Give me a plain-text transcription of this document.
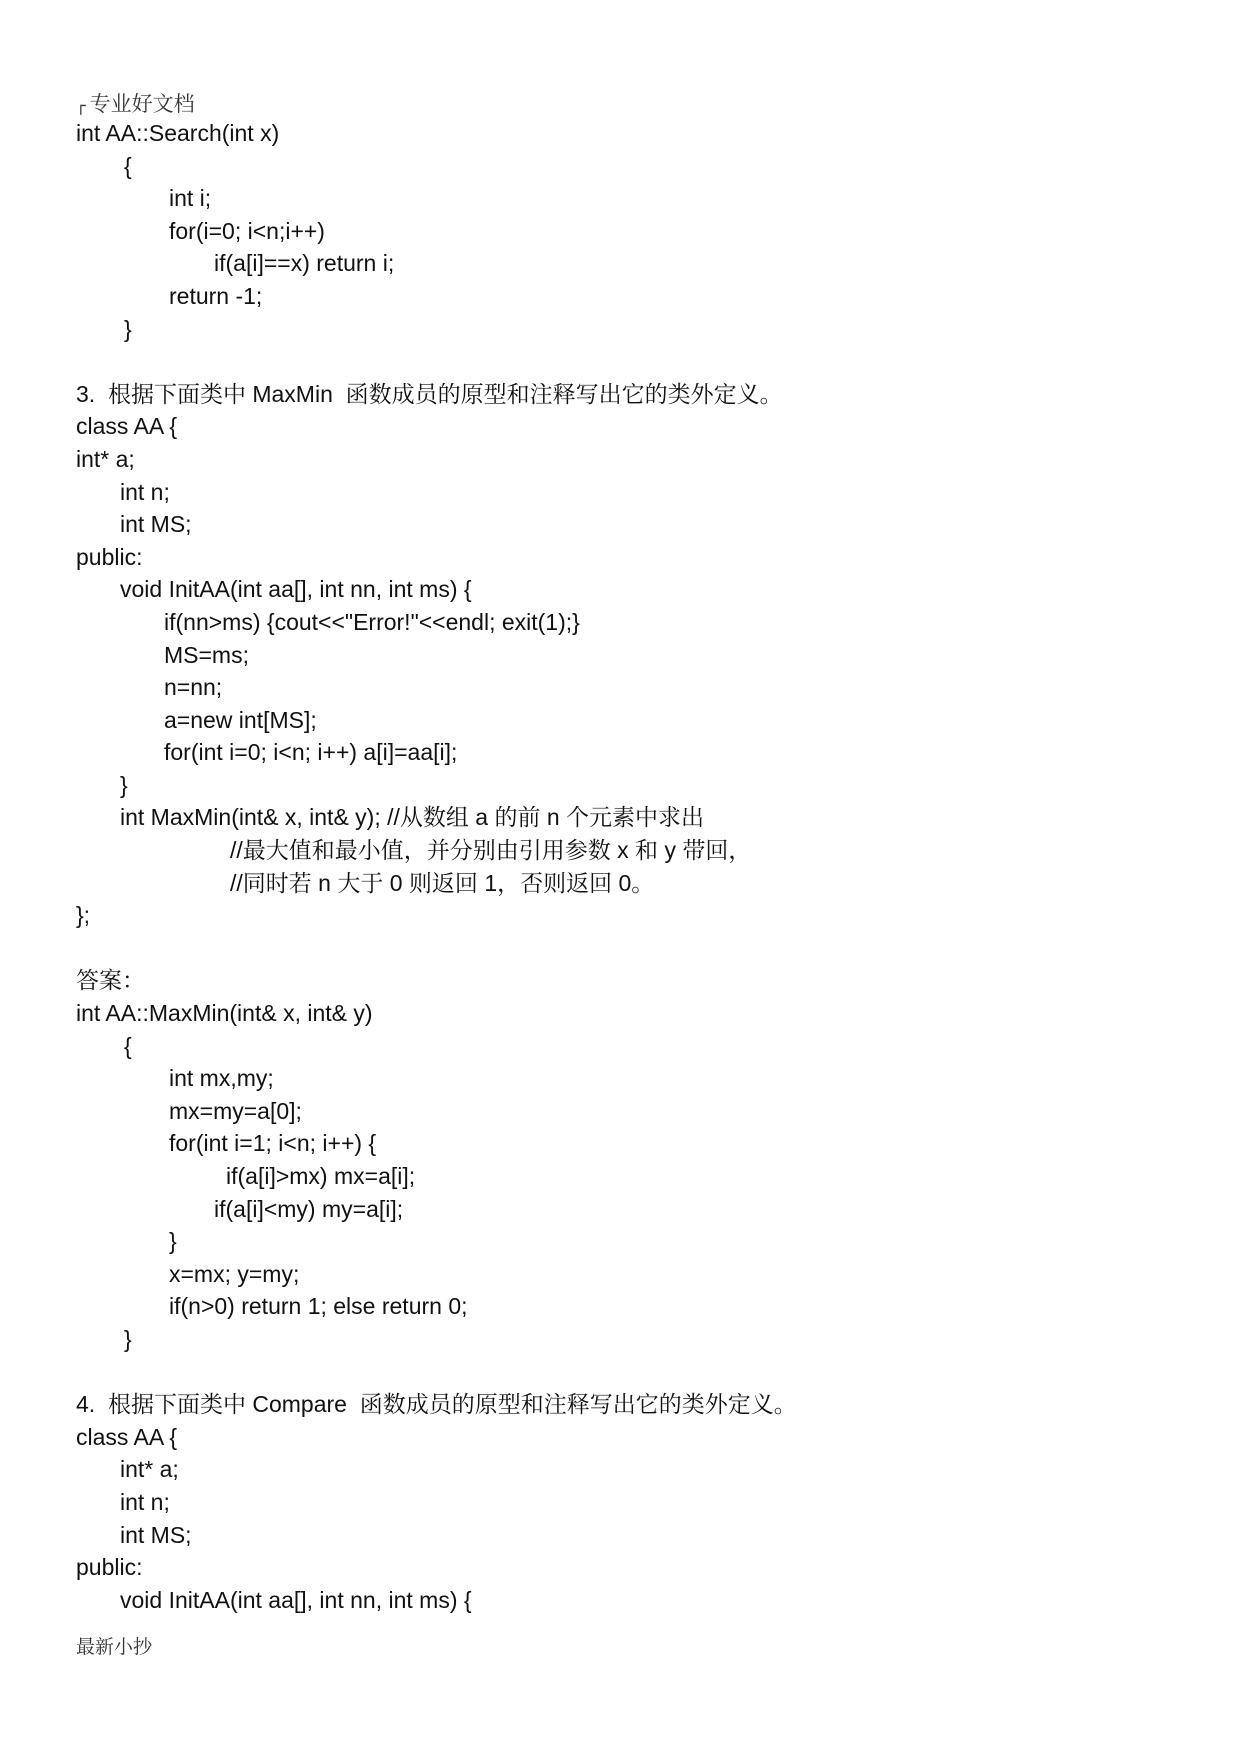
┌ 专业好文档
int AA::Search(int x)
{
int i;
for(i=0; i<n;i++)
if(a[i]==x) return i;
return -1;
}
3.  根据下面类中 MaxMin  函数成员的原型和注释写出它的类外定义。
class AA {
int* a;
int n;
int MS;
public:
void InitAA(int aa[], int nn, int ms) {
if(nn>ms) {cout<<"Error!"<<endl; exit(1);}
MS=ms;
n=nn;
a=new int[MS];
for(int i=0; i<n; i++) a[i]=aa[i];
}
int MaxMin(int& x, int& y); //从数组 a 的前 n 个元素中求出
//最大值和最小值，并分别由引用参数 x 和 y 带回，
//同时若 n 大于 0 则返回 1，否则返回 0。
};
答案：
int AA::MaxMin(int& x, int& y)
{
int mx,my;
mx=my=a[0];
for(int i=1; i<n; i++) {
if(a[i]>mx) mx=a[i];
if(a[i]<my) my=a[i];
}
x=mx; y=my;
if(n>0) return 1; else return 0;
}
4.  根据下面类中 Compare  函数成员的原型和注释写出它的类外定义。
class AA {
int* a;
int n;
int MS;
public:
void InitAA(int aa[], int nn, int ms) {
最新小抄
